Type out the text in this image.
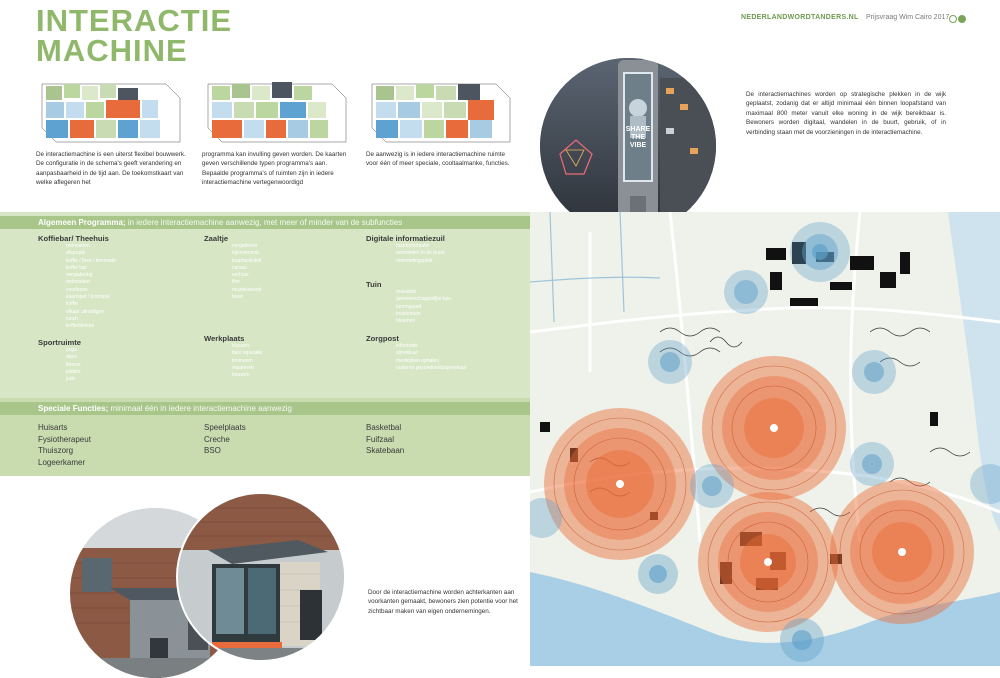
INTERACTIE
MACHINE
NEDERLANDWORDTANDERS.NL Prijsvraag Wim Cairo 2017

De interactiemachine is een uiterst flexibel bouwwerk. De configuratie in de schema's geeft verandering en aanpasbaarheid in de tijd aan. De toekomstkaart van welke aflegeren het

programma kan invulling geven worden. De kaarten geven verschillende typen programma's aan. Bepaalde programma's of ruimten zijn in iedere interactiemachine vertegenwoordigd

De aanwezig is in iedere interactiemachine ruimte voor één of meer speciale, cooltaalmanke, functies.

SHARE THE VIBE

De interactiemachines worden op strategische plekken in de wijk geplaatst, zodanig dat er altijd minimaal één binnen loopafstand van maximaal 800 meter vanuit elke woning in de wijk bereikbaar is. Bewoners worden digitaal, wandelen in de buurt, gebruik, of in verbinding staan met de voorzieningen in de interactiemachine.

Algemeen Programma; in iedere interactiemachine aanwezig, met meer of minder van de subfuncties
Koffiebar/ Theehuis
ontmoeten
afspraak
koffie / thee / limonade
koffie bar
vergadering
ontmoeten
voorlezen
kaartspel / bordspel
koffie
elkaar uitnodigen
lunch
koffiedrinken
Sportruimte
yoga
dans
fitness
pilates
judo
Zaaltje
vergaderen
bijeenkomst
buurtactiviteit
cursus
verhuur
film
muziekavond
feest
Werkplaats
klussen
fiets reparatie
timmeren
repareren
bouwen
Digitale informatiezuil
buurtinformatie
activiteiten in de buurt
ontmoetingsplek
Tuin
moestuin
gemeenschappelijke tuin
boomgaard
kruidentuin
bloemen
Zorgpost
informatie
spreekuur
medicijnen ophalen
ouderen gezondheidsspreekuur
Speciale Functies; minimaal één in iedere interactiemachine aanwezig
Huisarts
Fysiotherapeut
Thuiszorg
Logeerkamer
Speelplaats
Creche
BSO
Basketbal
Fuifzaal
Skatebaan

Door de interactiemachine worden achterkanten aan voorkanten gemaakt, bewoners zien potentie voor het zichtbaar maken van eigen ondernemingen.
